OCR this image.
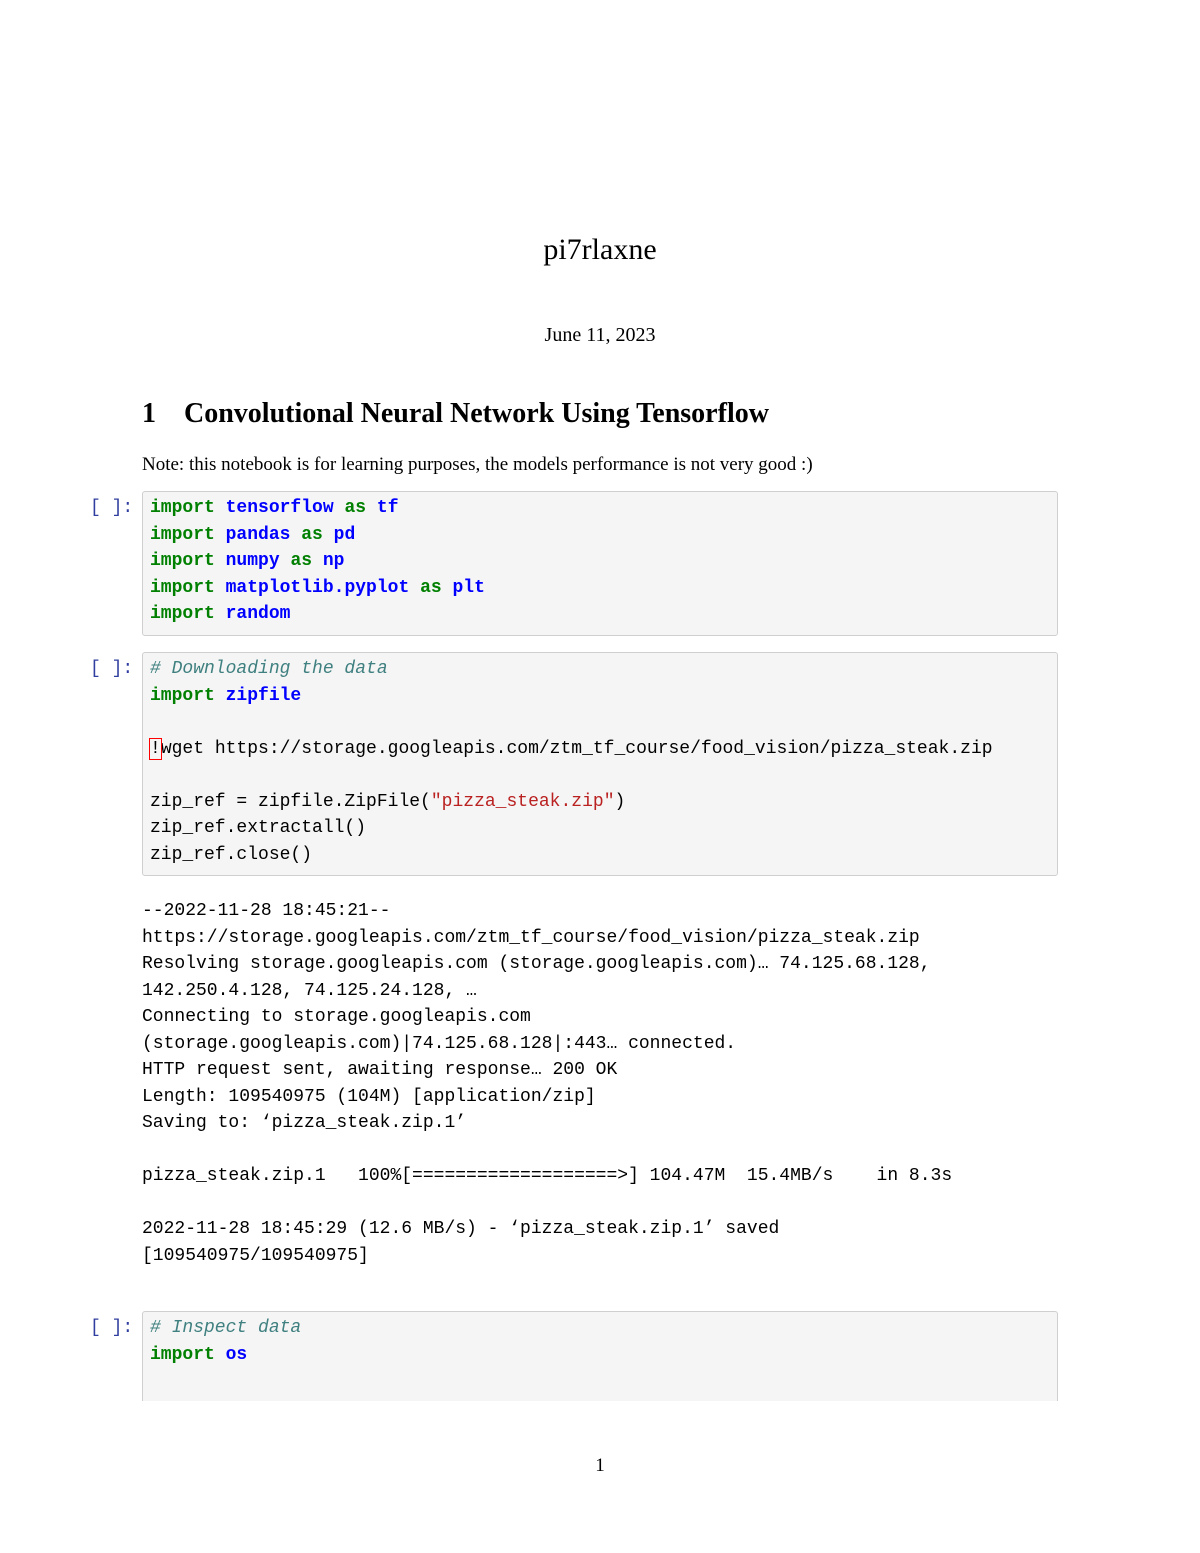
pi7rlaxne
June 11, 2023
1 Convolutional Neural Network Using Tensorflow
Note: this notebook is for learning purposes, the models performance is not very good :)
[ ]: import tensorflow as tf
import pandas as pd
import numpy as np
import matplotlib.pyplot as plt
import random
[ ]: # Downloading the data
import zipfile

!wget https://storage.googleapis.com/ztm_tf_course/food_vision/pizza_steak.zip

zip_ref = zipfile.ZipFile("pizza_steak.zip")
zip_ref.extractall()
zip_ref.close()
--2022-11-28 18:45:21--
https://storage.googleapis.com/ztm_tf_course/food_vision/pizza_steak.zip
Resolving storage.googleapis.com (storage.googleapis.com)… 74.125.68.128,
142.250.4.128, 74.125.24.128, …
Connecting to storage.googleapis.com
(storage.googleapis.com)|74.125.68.128|:443… connected.
HTTP request sent, awaiting response… 200 OK
Length: 109540975 (104M) [application/zip]
Saving to: ‘pizza_steak.zip.1’

pizza_steak.zip.1   100%[===================>] 104.47M  15.4MB/s    in 8.3s

2022-11-28 18:45:29 (12.6 MB/s) - ‘pizza_steak.zip.1’ saved
[109540975/109540975]
[ ]: # Inspect data
import os
1
